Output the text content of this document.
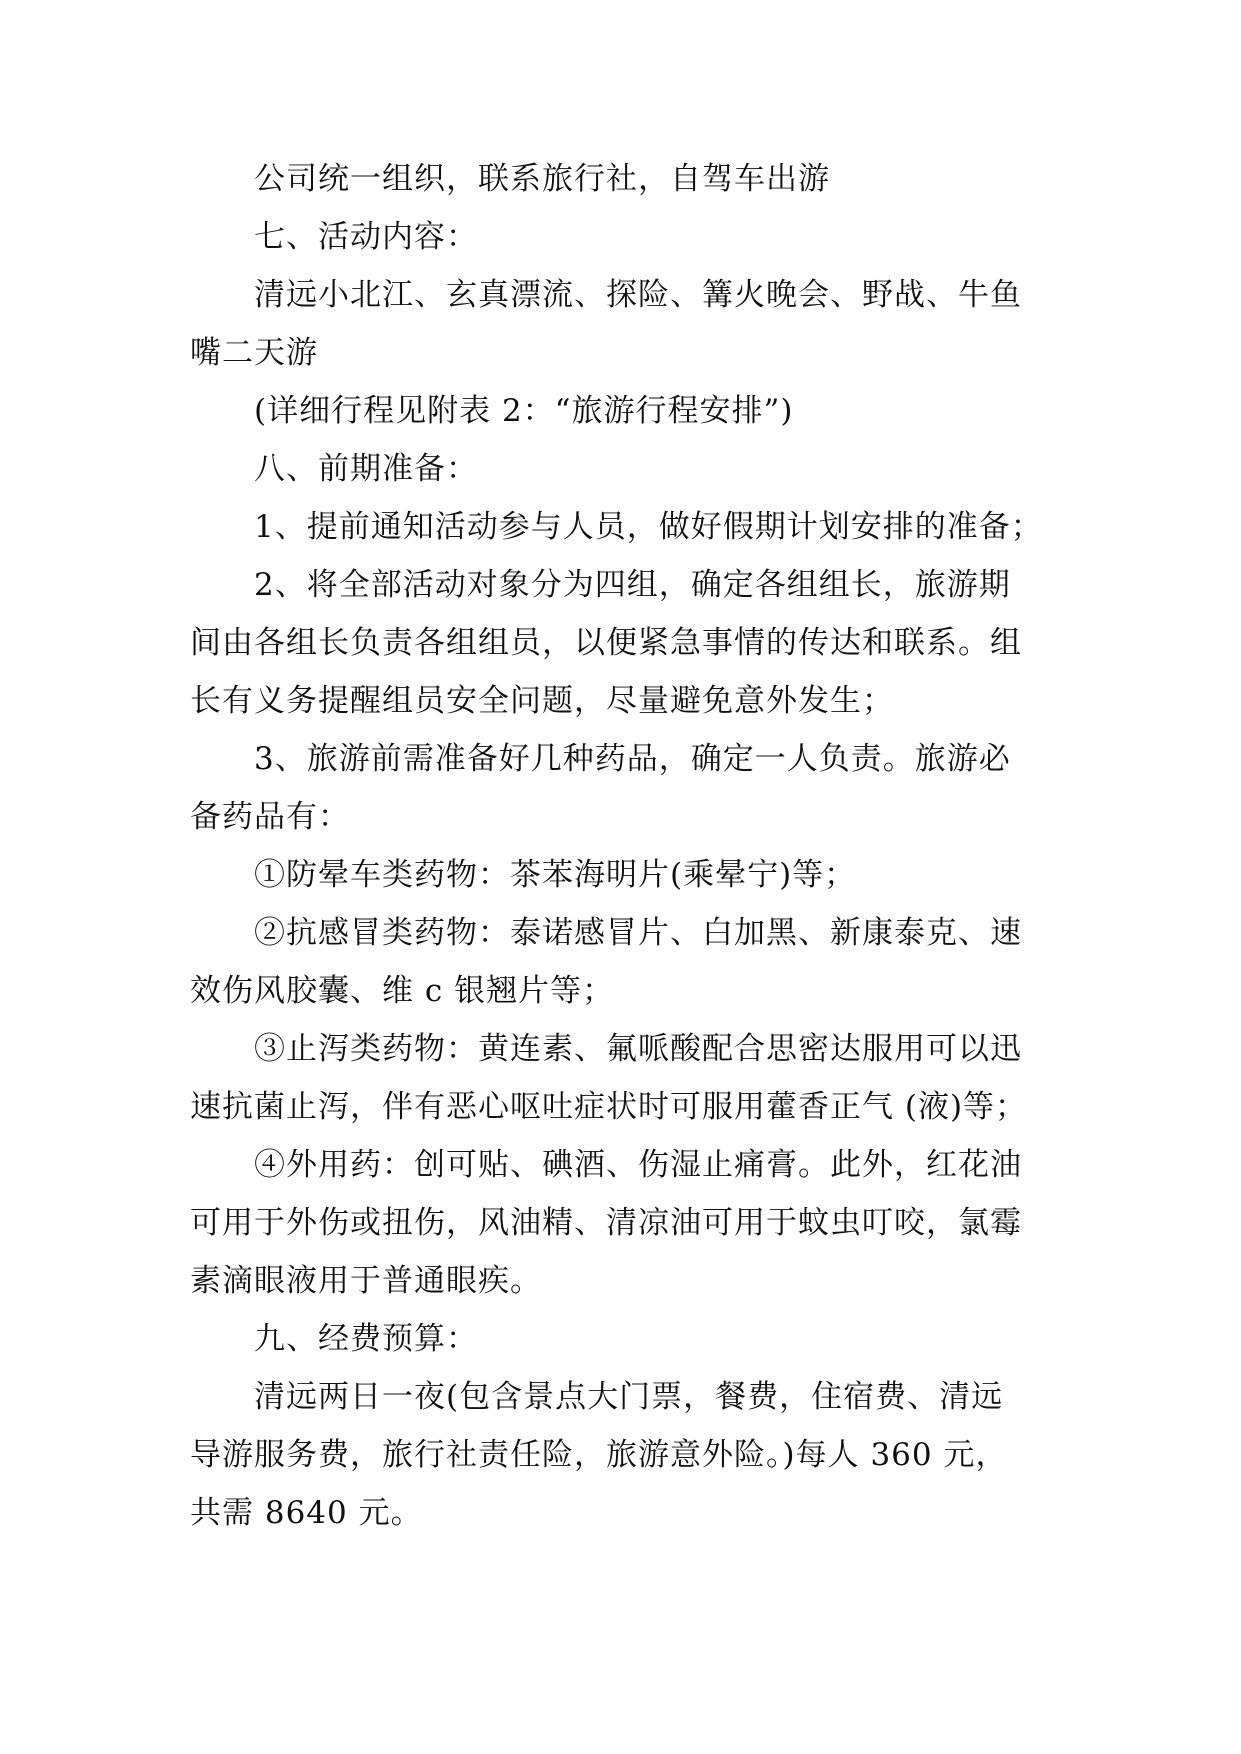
公司统一组织，联系旅行社，自驾车出游
七、活动内容：
清远小北江、玄真漂流、探险、篝火晚会、野战、牛鱼
嘴二天游
(详细行程见附表 2：“旅游行程安排”)
八、前期准备：
1、提前通知活动参与人员，做好假期计划安排的准备；
2、将全部活动对象分为四组，确定各组组长，旅游期
间由各组长负责各组组员，以便紧急事情的传达和联系。组
长有义务提醒组员安全问题，尽量避免意外发生；
3、旅游前需准备好几种药品，确定一人负责。旅游必
备药品有：
①防晕车类药物：茶苯海明片(乘晕宁)等；
②抗感冒类药物：泰诺感冒片、白加黑、新康泰克、速
效伤风胶囊、维 c 银翘片等；
③止泻类药物：黄连素、氟哌酸配合思密达服用可以迅
速抗菌止泻，伴有恶心呕吐症状时可服用藿香正气 (液)等；
④外用药：创可贴、碘酒、伤湿止痛膏。此外，红花油
可用于外伤或扭伤，风油精、清凉油可用于蚊虫叮咬，氯霉
素滴眼液用于普通眼疾。
九、经费预算：
清远两日一夜(包含景点大门票，餐费，住宿费、清远
导游服务费，旅行社责任险，旅游意外险。)每人 360 元，
共需 8640 元。
